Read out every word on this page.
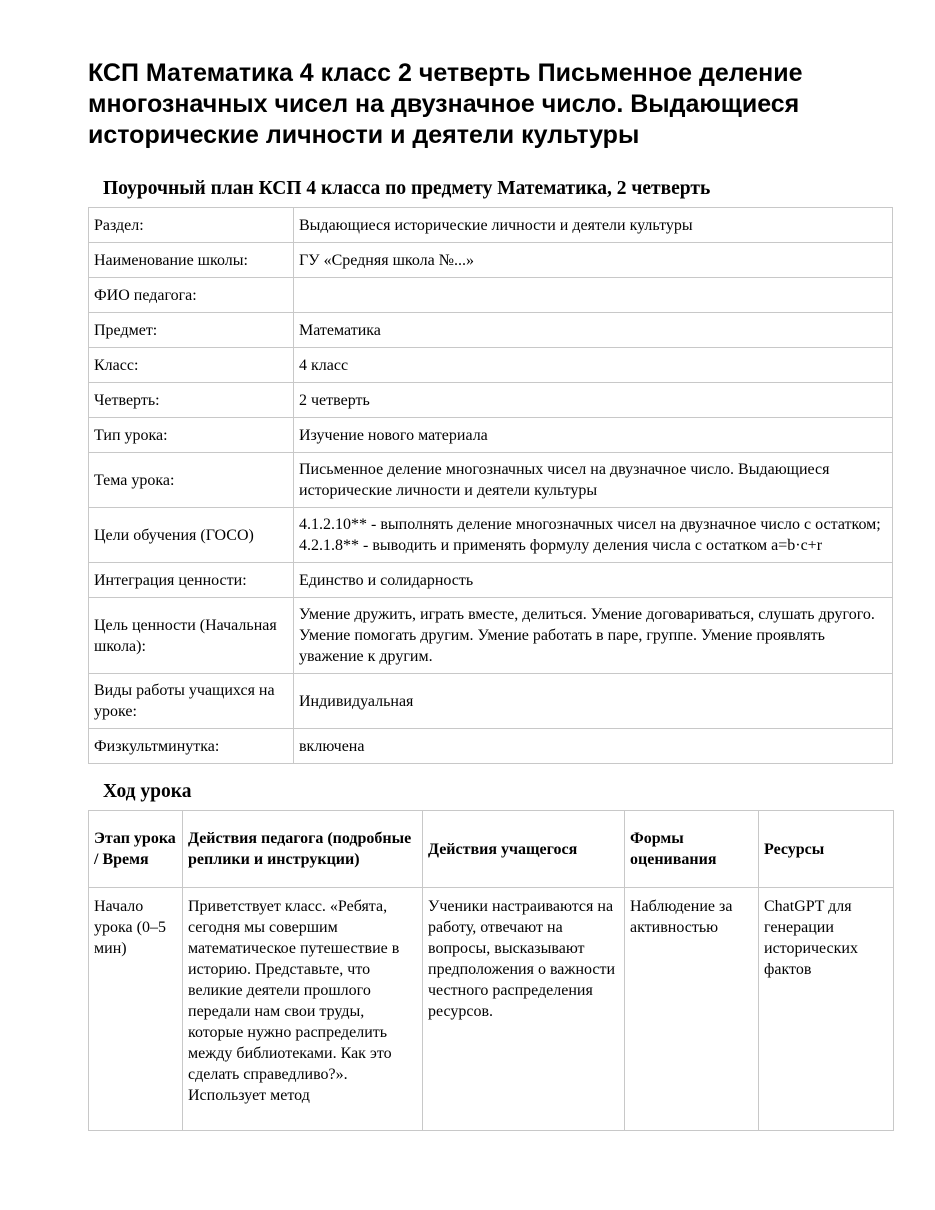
КСП Математика 4 класс 2 четверть Письменное деление многозначных чисел на двузначное число. Выдающиеся исторические личности и деятели культуры
Поурочный план КСП 4 класса по предмету Математика, 2 четверть
Раздел:	Выдающиеся исторические личности и деятели культуры
Наименование школы:	ГУ «Средняя школа №...»
ФИО педагога:	
Предмет:	Математика
Класс:	4 класс
Четверть:	2 четверть
Тип урока:	Изучение нового материала
Тема урока:	Письменное деление многозначных чисел на двузначное число. Выдающиеся исторические личности и деятели культуры
Цели обучения (ГОСО)	4.1.2.10** - выполнять деление многозначных чисел на двузначное число с остатком; 4.2.1.8** - выводить и применять формулу деления числа с остатком a=b·c+r
Интеграция ценности:	Единство и солидарность
Цель ценности (Начальная школа):	Умение дружить, играть вместе, делиться. Умение договариваться, слушать другого. Умение помогать другим. Умение работать в паре, группе. Умение проявлять уважение к другим.
Виды работы учащихся на уроке:	Индивидуальная
Физкультминутка:	включена
Ход урока
Этап урока / Время	Действия педагога (подробные реплики и инструкции)	Действия учащегося	Формы оценивания	Ресурсы
Начало урока (0–5 мин)	Приветствует класс. «Ребята, сегодня мы совершим математическое путешествие в историю. Представьте, что великие деятели прошлого передали нам свои труды, которые нужно распределить между библиотеками. Как это сделать справедливо?». Использует метод	Ученики настраиваются на работу, отвечают на вопросы, высказывают предположения о важности честного распределения ресурсов.	Наблюдение за активностью	ChatGPT для генерации исторических фактов
